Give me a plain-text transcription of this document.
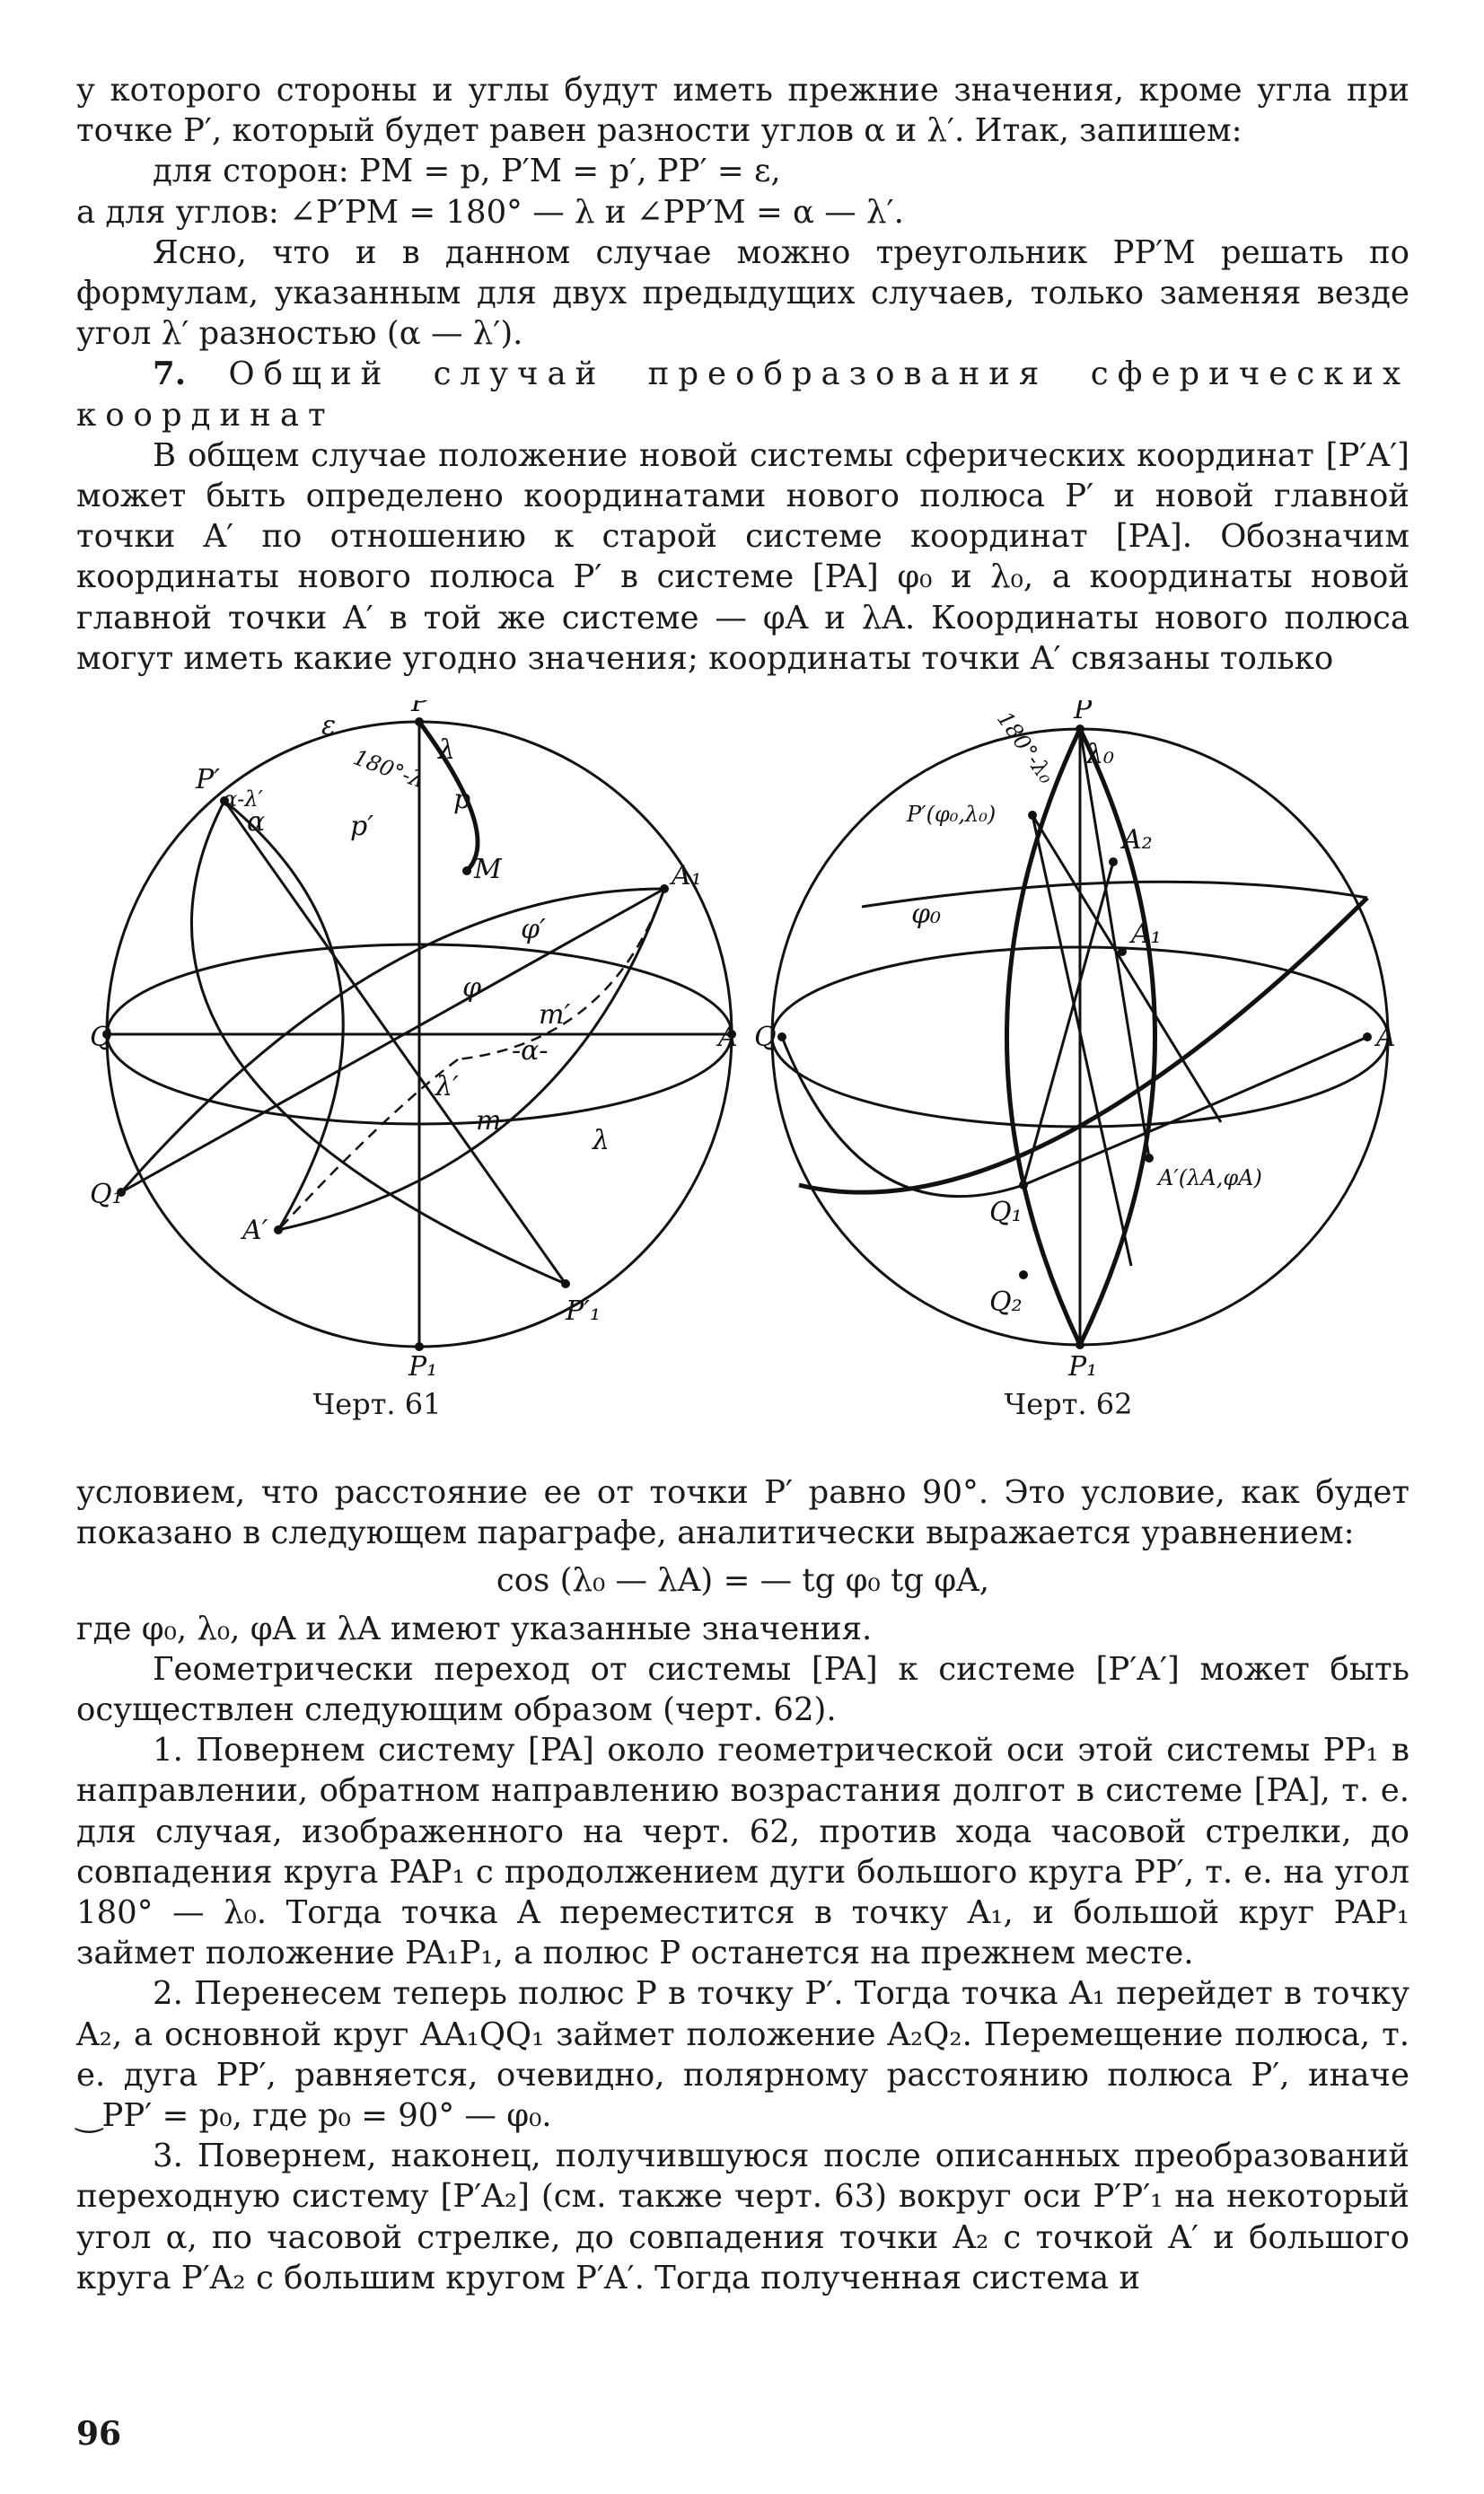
у которого стороны и углы будут иметь прежние значения, кроме угла при точке P′, который будет равен разности углов α и λ′. Итак, запишем:

для сторон: PM = p, P′M = p′, PP′ = ε,

а для углов: ∠P′PM = 180° — λ и ∠PP′M = α — λ′.

Ясно, что и в данном случае можно треугольник PP′M решать по формулам, указанным для двух предыдущих случаев, только заменяя везде угол λ′ разностью (α — λ′).

7. Общий случай преобразования сферических координат

В общем случае положение новой системы сферических координат [P′A′] может быть определено координатами нового полюса P′ и новой главной точки A′ по отношению к старой системе координат [PA]. Обозначим координаты нового полюса P′ в системе [PA] φ₀ и λ₀, а координаты новой главной точки A′ в той же системе — φA и λA. Координаты нового полюса могут иметь какие угодно значения; координаты точки A′ связаны только

P
P₁
Q
Q₁
A
A₁
A′
P′
P′₁
M
m
m′
p
p′
φ
φ′
λ
λ′
λ
α
-α-
ε
α-λ′
180°-λ
Черт. 61
P
P₁
Q
Q₁
Q₂
A
A₁
A₂
φ₀
λ₀
P′(φ₀,λ₀)
A′(λA,φA)
180°-λ₀
Черт. 62

условием, что расстояние ее от точки P′ равно 90°. Это условие, как будет показано в следующем параграфе, аналитически выражается уравнением:

cos (λ₀ — λA) = — tg φ₀ tg φA,

где φ₀, λ₀, φA и λA имеют указанные значения.

Геометрически переход от системы [PA] к системе [P′A′] может быть осуществлен следующим образом (черт. 62).

1. Повернем систему [PA] около геометрической оси этой системы PP₁ в направлении, обратном направлению возрастания долгот в системе [PA], т. е. для случая, изображенного на черт. 62, против хода часовой стрелки, до совпадения круга PAP₁ с продолжением дуги большого круга PP′, т. е. на угол 180° — λ₀. Тогда точка A переместится в точку A₁, и большой круг PAP₁ займет положение PA₁P₁, а полюс P останется на прежнем месте.

2. Перенесем теперь полюс P в точку P′. Тогда точка A₁ перейдет в точку A₂, а основной круг AA₁QQ₁ займет положение A₂Q₂. Перемещение полюса, т. е. дуга PP′, равняется, очевидно, полярному расстоянию полюса P′, иначе ‿PP′ = p₀, где p₀ = 90° — φ₀.

3. Повернем, наконец, получившуюся после описанных преобразований переходную систему [P′A₂] (см. также черт. 63) вокруг оси P′P′₁ на некоторый угол α, по часовой стрелке, до совпадения точки A₂ с точкой A′ и большого круга P′A₂ с большим кругом P′A′. Тогда полученная система и

96
